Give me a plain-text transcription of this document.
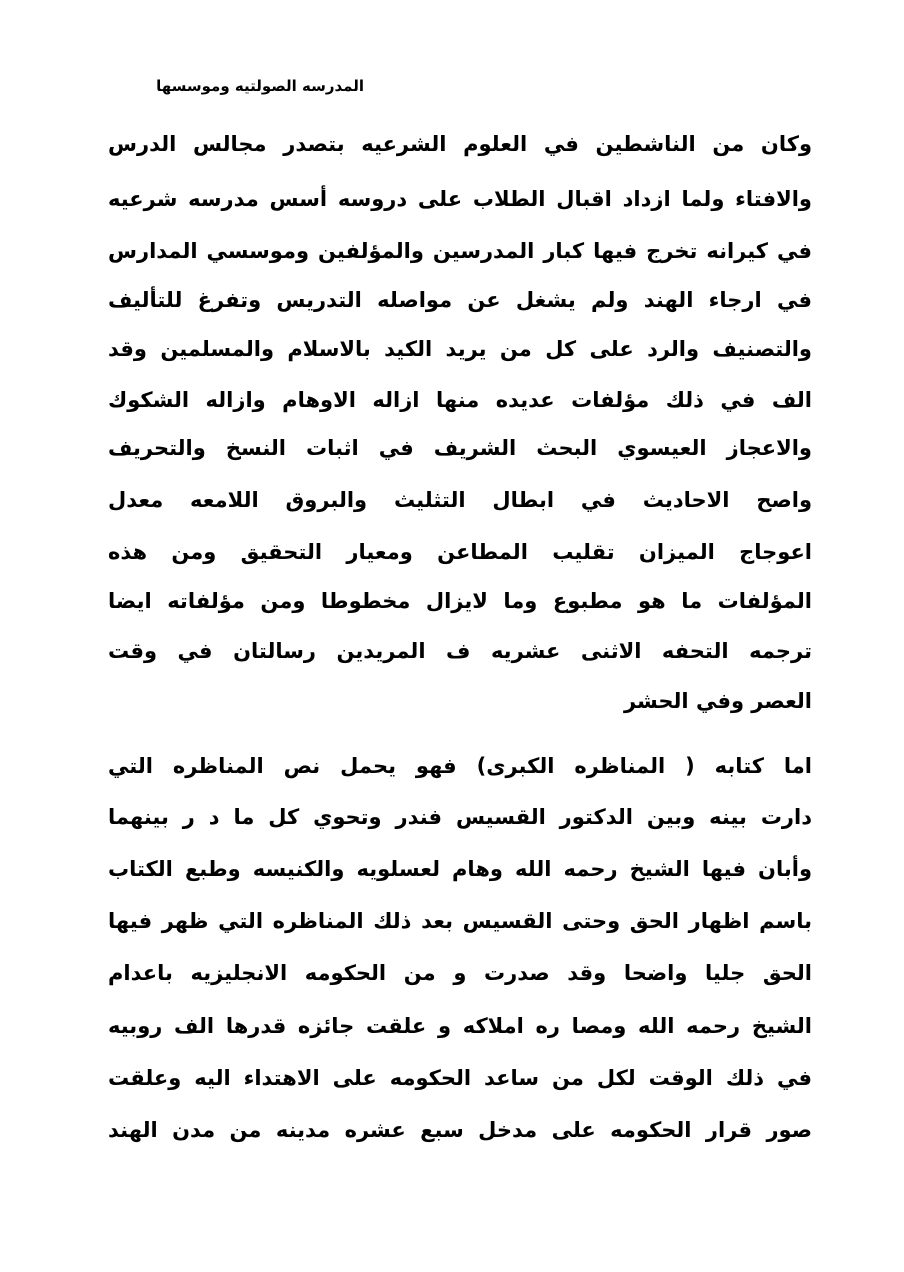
المدرسه الصولتيه وموسسها
وكان من الناشطين في العلوم الشرعيه بتصدر مجالس الدرس
والافتاء ولما ازداد اقبال الطلاب على دروسه أسس مدرسه شرعيه
في كيرانه تخرج فيها كبار المدرسين والمؤلفين وموسسي المدارس
في ارجاء الهند ولم يشغل عن مواصله التدريس وتفرغ للتأليف
والتصنيف والرد على كل من يريد الكيد بالاسلام والمسلمين وقد
الف في ذلك مؤلفات عديده منها ازاله الاوهام وازاله الشكوك
والاعجاز العيسوي البحث الشريف في اثبات النسخ والتحريف
واصح الاحاديث في ابطال التثليث والبروق اللامعه معدل
اعوجاج الميزان تقليب المطاعن ومعيار التحقيق ومن هذه
المؤلفات ما هو مطبوع وما لايزال مخطوطا ومن مؤلفاته ايضا
ترجمه التحفه الاثنى عشريه ف المريدين رسالتان في وقت
العصر وفي الحشر
اما كتابه ( المناظره الكبرى) فهو يحمل نص المناظره التي
دارت بينه وبين الدكتور القسيس فندر وتحوي كل ما د ر بينهما
وأبان فيها الشيخ رحمه الله وهام لعسلويه والكنيسه وطبع الكتاب
باسم اظهار الحق وحتى القسيس بعد ذلك المناظره التي ظهر فيها
الحق جليا واضحا وقد صدرت و من الحكومه الانجليزيه باعدام
الشيخ رحمه الله ومصا ره املاكه و علقت جائزه قدرها الف روبيه
في ذلك الوقت لكل من ساعد الحكومه على الاهتداء اليه وعلقت
صور قرار الحكومه على مدخل سبع عشره مدينه من مدن الهند
